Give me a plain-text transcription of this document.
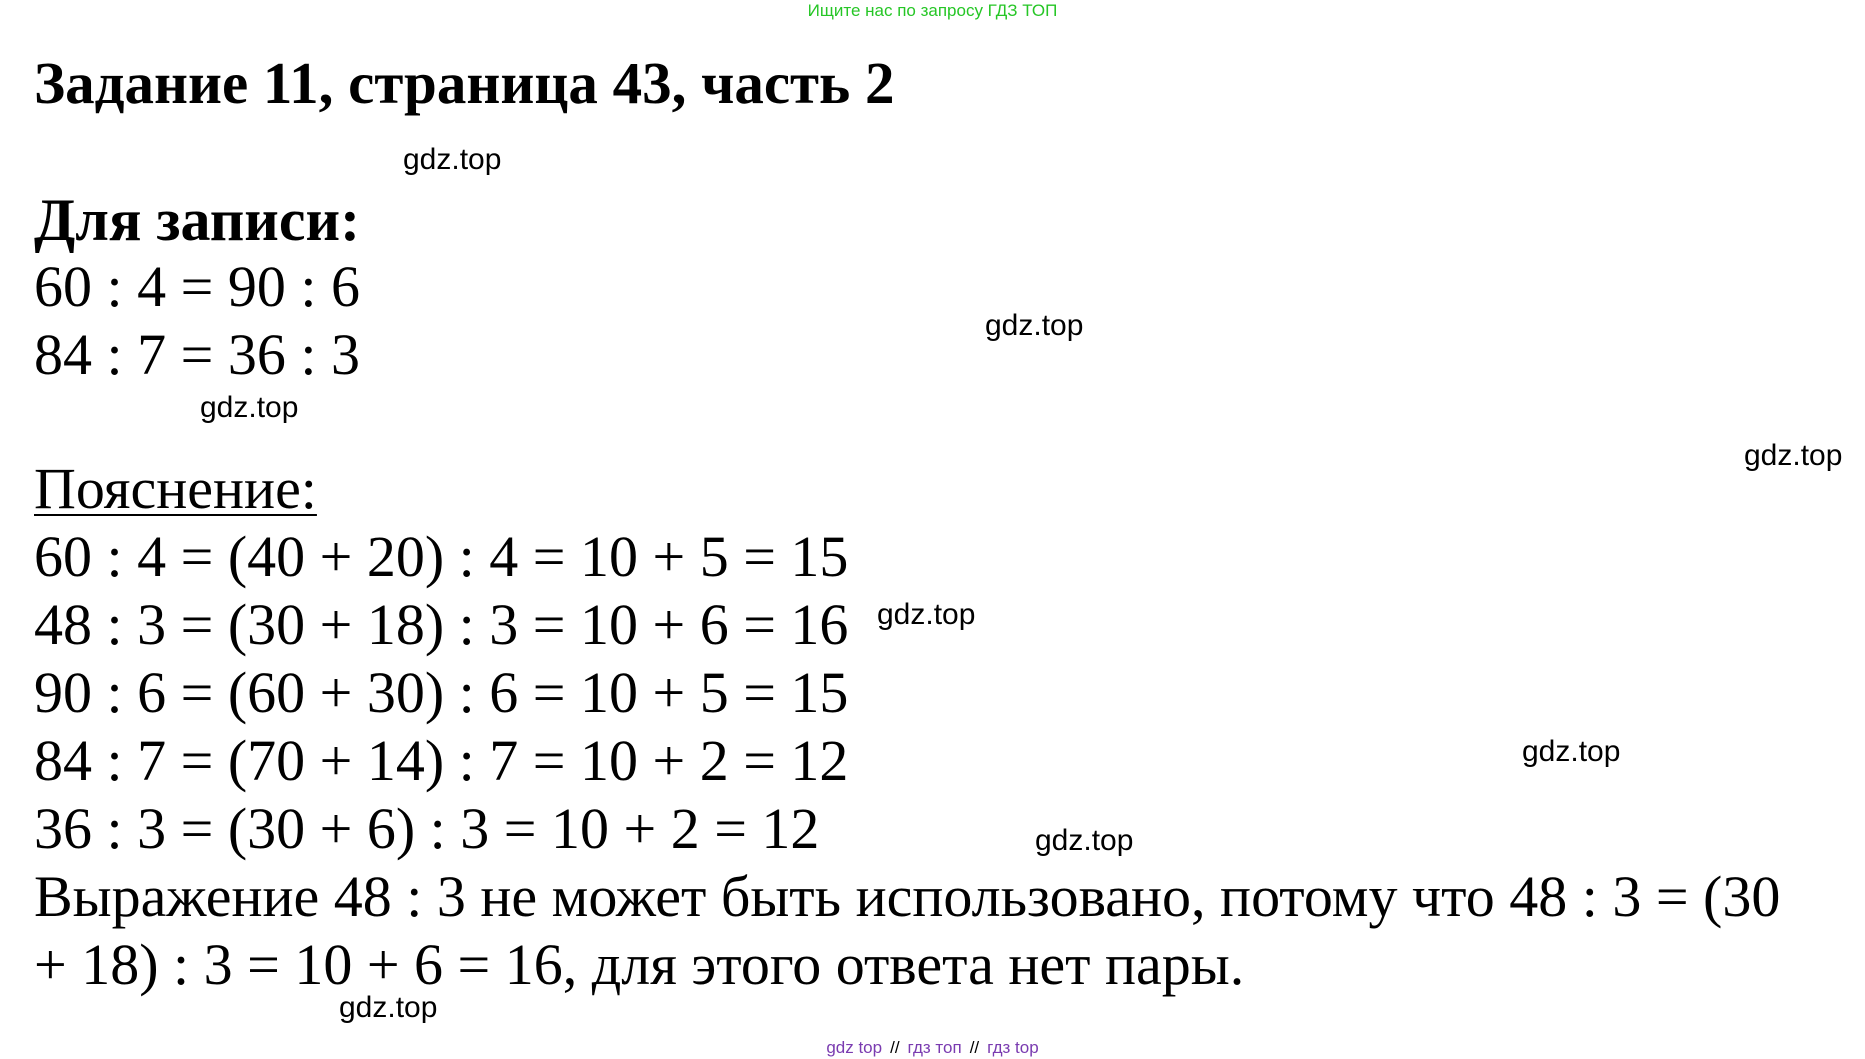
Ищите нас по запросу ГДЗ ТОП
Задание 11, страница 43, часть 2
gdz.top
Для записи:
60 : 4 = 90 : 6
84 : 7 = 36 : 3	gdz.top
gdz.top
gdz.top
Пояснение:
60 : 4 = (40 + 20) : 4 = 10 + 5 = 15
48 : 3 = (30 + 18) : 3 = 10 + 6 = 16
90 : 6 = (60 + 30) : 6 = 10 + 5 = 15
84 : 7 = (70 + 14) : 7 = 10 + 2 = 12
36 : 3 = (30 + 6) : 3 = 10 + 2 = 12
gdz.top
gdz.top
gdz.top
Выражение 48 : 3 не может быть использовано, потому что 48 : 3 = (30
+ 18) : 3 = 10 + 6 = 16, для этого ответа нет пары.
gdz.top
gdz top // гдз топ // гдз top
